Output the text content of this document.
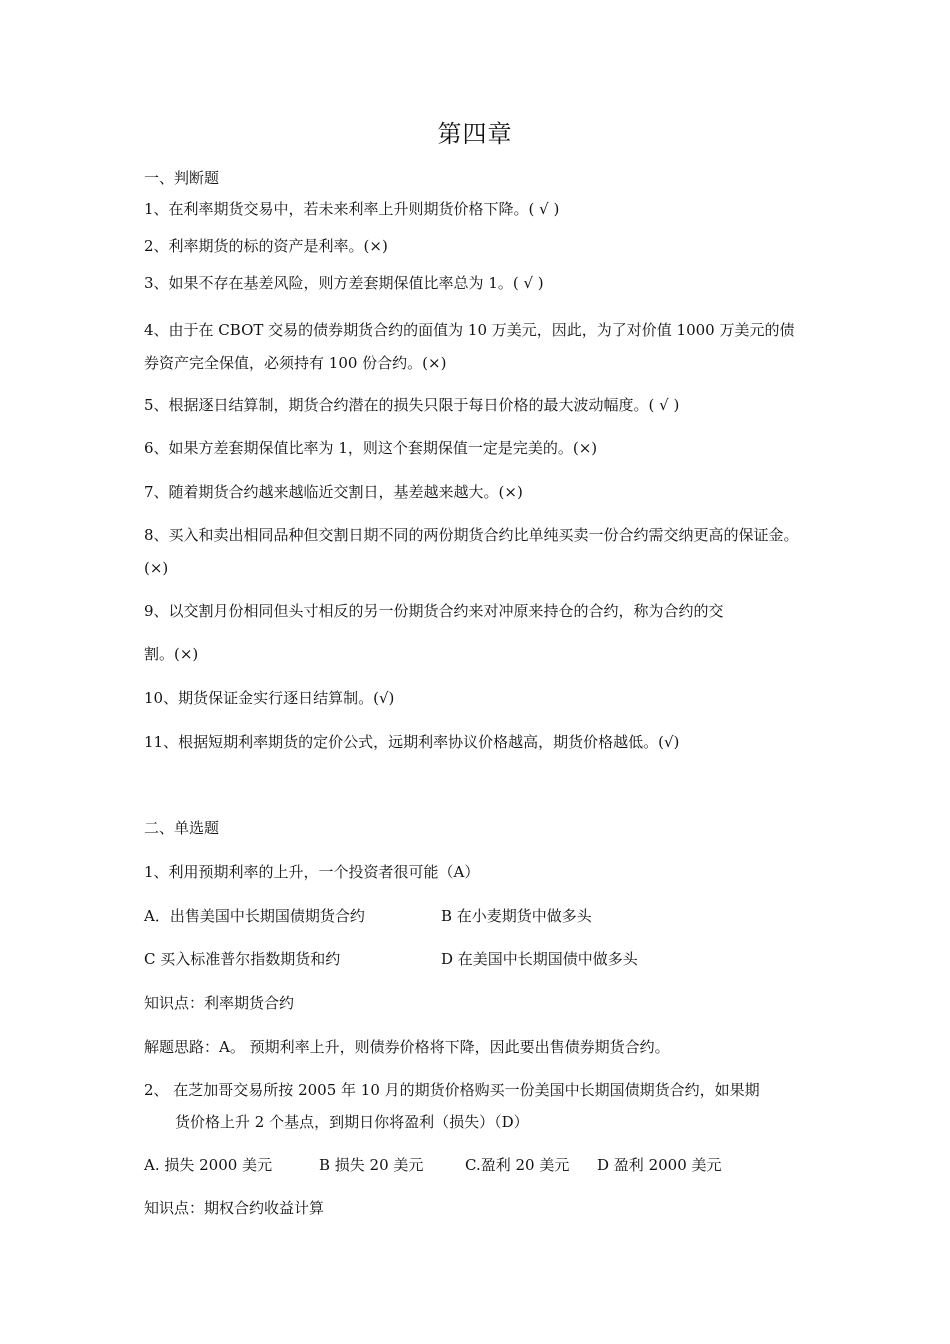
第四章
一、判断题
1、在利率期货交易中，若未来利率上升则期货价格下降。( √ )
2、利率期货的标的资产是利率。(×)
3、如果不存在基差风险，则方差套期保值比率总为 1。( √ )
4、由于在 CBOT 交易的债券期货合约的面值为 10 万美元，因此，为了对价值 1000 万美元的债券资产完全保值，必须持有 100 份合约。(×)
5、根据逐日结算制，期货合约潜在的损失只限于每日价格的最大波动幅度。( √ )
6、如果方差套期保值比率为 1，则这个套期保值一定是完美的。(×)
7、随着期货合约越来越临近交割日，基差越来越大。(×)
8、买入和卖出相同品种但交割日期不同的两份期货合约比单纯买卖一份合约需交纳更高的保证金。(×)
9、以交割月份相同但头寸相反的另一份期货合约来对冲原来持仓的合约，称为合约的交
割。(×)
10、期货保证金实行逐日结算制。(√)
11、根据短期利率期货的定价公式，远期利率协议价格越高，期货价格越低。(√)
二、单选题
1、利用预期利率的上升，一个投资者很可能（A）
A．出售美国中长期国债期货合约	B 在小麦期货中做多头
C 买入标准普尔指数期货和约	D 在美国中长期国债中做多头
知识点：利率期货合约
解题思路：A。 预期利率上升，则债券价格将下降，因此要出售债券期货合约。
2、 在芝加哥交易所按 2005 年 10 月的期货价格购买一份美国中长期国债期货合约，如果期
货价格上升 2 个基点，到期日你将盈利（损失）（D）
A. 损失 2000 美元	B 损失 20 美元	C.盈利 20 美元 D 盈利 2000 美元
知识点：期权合约收益计算
